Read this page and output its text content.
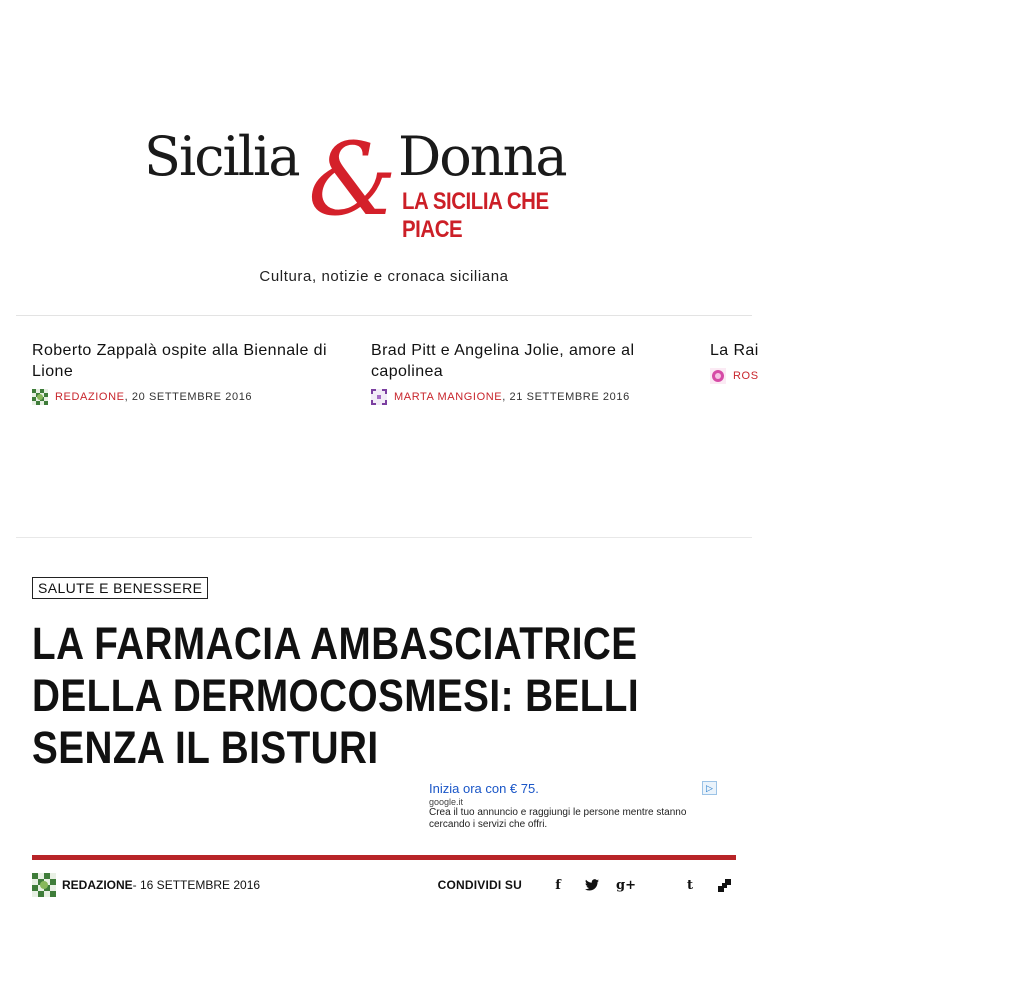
Sicilia & Donna
LA SICILIA CHE PIACE
Cultura, notizie e cronaca siciliana
Roberto Zappalà ospite alla Biennale di Lione
REDAZIONE , 20 SETTEMBRE 2016
Brad Pitt e Angelina Jolie, amore al capolinea
MARTA MANGIONE , 21 SETTEMBRE 2016
La Rai
ROS
SALUTE E BENESSERE
LA FARMACIA AMBASCIATRICE DELLA DERMOCOSMESI: BELLI SENZA IL BISTURI
Inizia ora con € 75.
google.it
Crea il tuo annuncio e raggiungi le persone mentre stanno cercando i servizi che offri.
▷
REDAZIONE - 16 SETTEMBRE 2016	CONDIVIDI SU	f	g+	t
